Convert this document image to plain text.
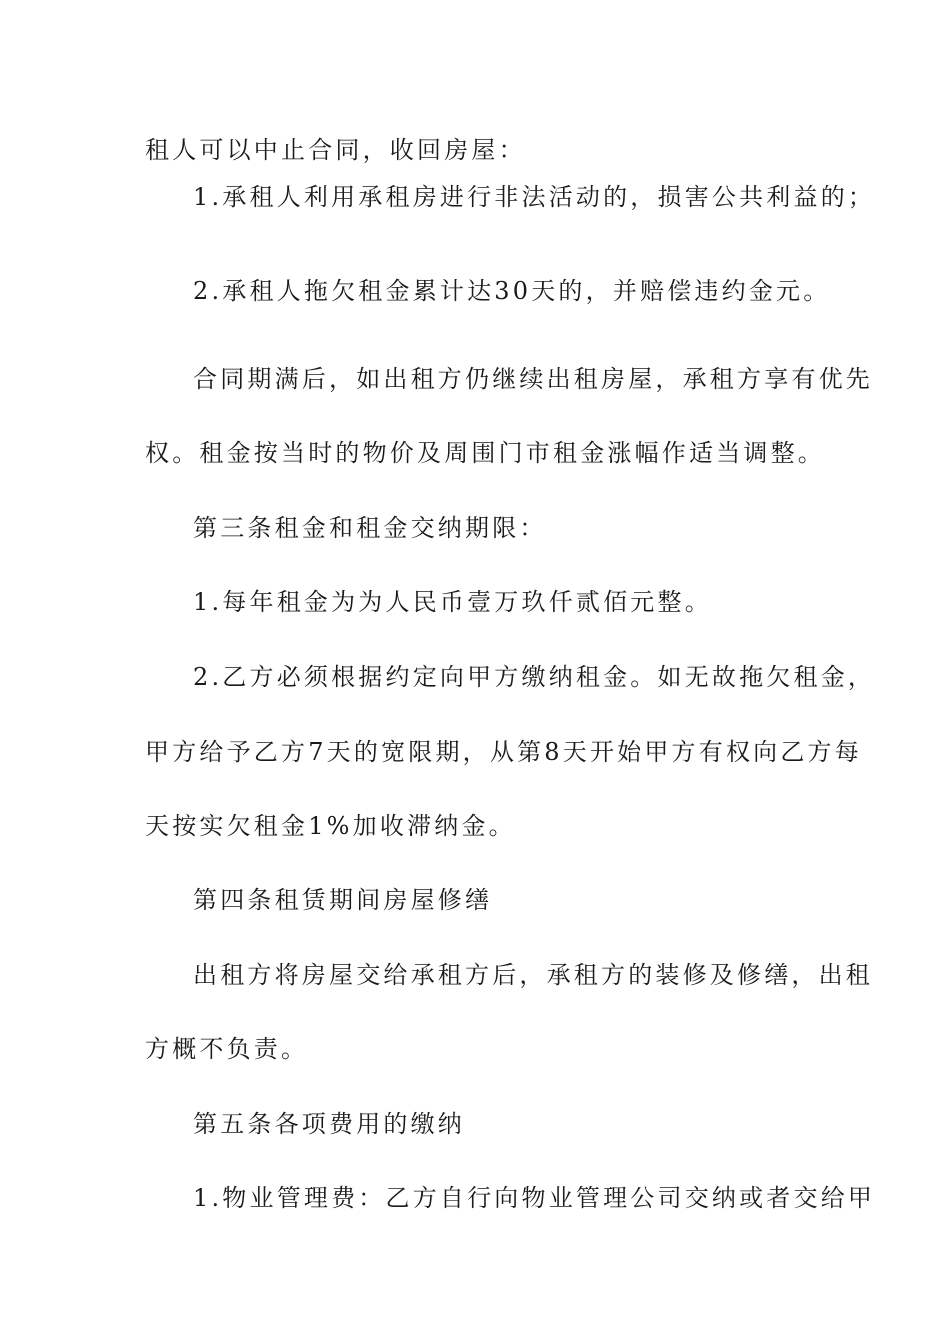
租人可以中止合同，收回房屋：
1.承租人利用承租房进行非法活动的，损害公共利益的；
2.承租人拖欠租金累计达30天的，并赔偿违约金元。
合同期满后，如出租方仍继续出租房屋，承租方享有优先
权。租金按当时的物价及周围门市租金涨幅作适当调整。
第三条租金和租金交纳期限：
1.每年租金为为人民币壹万玖仟贰佰元整。
2.乙方必须根据约定向甲方缴纳租金。如无故拖欠租金，
甲方给予乙方7天的宽限期，从第8天开始甲方有权向乙方每
天按实欠租金1%加收滞纳金。
第四条租赁期间房屋修缮
出租方将房屋交给承租方后，承租方的装修及修缮，出租
方概不负责。
第五条各项费用的缴纳
1.物业管理费：乙方自行向物业管理公司交纳或者交给甲
